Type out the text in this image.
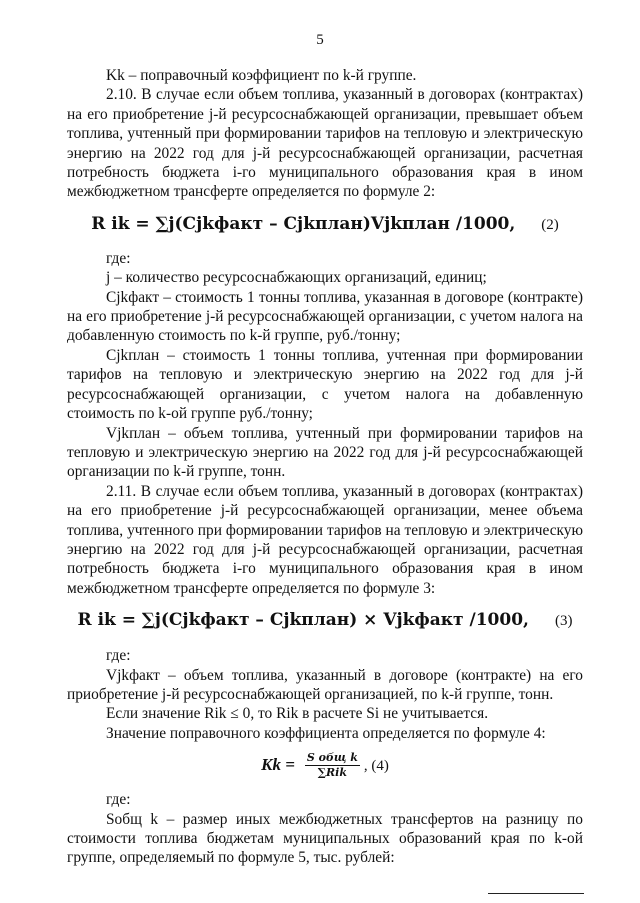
5

Kk – поправочный коэффициент по k-й группе.

2.10. В случае если объем топлива, указанный в договорах (контрактах) на его приобретение j-й ресурсоснабжающей организации, превышает объем топлива, учтенный при формировании тарифов на тепловую и электрическую энергию на 2022 год для j-й ресурсоснабжающей организации, расчетная потребность бюджета i-го муниципального образования края в ином межбюджетном трансферте определяется по формуле 2:

R ik = ∑j(Cjkфакт – Cjkплан)Vjkплан /1000, (2)

где:

j – количество ресурсоснабжающих организаций, единиц;

Cjkфакт – стоимость 1 тонны топлива, указанная в договоре (контракте) на его приобретение j-й ресурсоснабжающей организации, с учетом налога на добавленную стоимость по k-й группе, руб./тонну;

Cjkплан – стоимость 1 тонны топлива, учтенная при формировании тарифов на тепловую и электрическую энергию на 2022 год для j-й ресурсоснабжающей организации, с учетом налога на добавленную стоимость по k-ой группе руб./тонну;

Vjkплан – объем топлива, учтенный при формировании тарифов на тепловую и электрическую энергию на 2022 год для j-й ресурсоснабжающей организации по k-й группе, тонн.

2.11. В случае если объем топлива, указанный в договорах (контрактах) на его приобретение j-й ресурсоснабжающей организации, менее объема топлива, учтенного при формировании тарифов на тепловую и электрическую энергию на 2022 год для j-й ресурсоснабжающей организации, расчетная потребность бюджета i-го муниципального образования края в ином межбюджетном трансферте определяется по формуле 3:

R ik = ∑j(Cjkфакт – Cjkплан) × Vjkфакт /1000, (3)

где:

Vjkфакт – объем топлива, указанный в договоре (контракте) на его приобретение j-й ресурсоснабжающей организацией, по k-й группе, тонн.

Если значение Rik ≤ 0, то Rik в расчете Si не учитывается.

Значение поправочного коэффициента определяется по формуле 4:

$Kk = \frac{\text{S общ k}}{\text{∑Rik}}$ , (4)

где:

Sобщ k – размер иных межбюджетных трансфертов на разницу по стоимости топлива бюджетам муниципальных образований края по k-ой группе, определяемый по формуле 5, тыс. рублей:
